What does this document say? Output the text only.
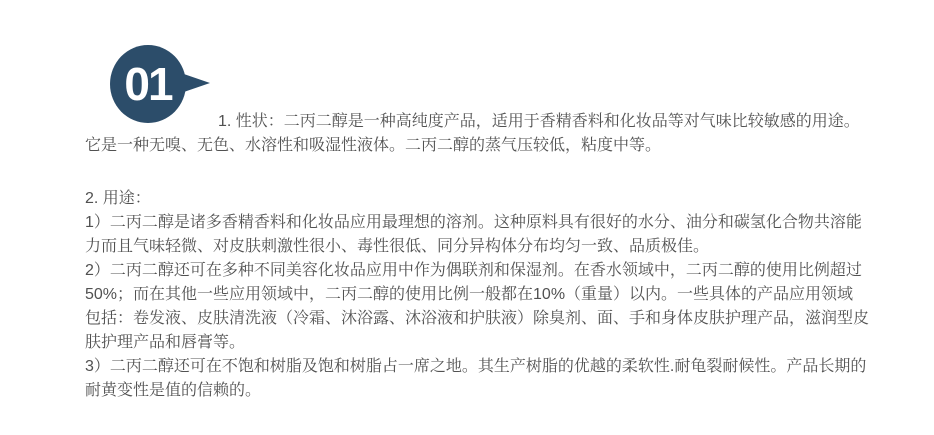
01
1. 性状：二丙二醇是一种高纯度产品，适用于香精香料和化妆品等对气味比较敏感的用途。
它是一种无嗅、无色、水溶性和吸湿性液体。二丙二醇的蒸气压较低，粘度中等。
2. 用途：
1）二丙二醇是诸多香精香料和化妆品应用最理想的溶剂。这种原料具有很好的水分、油分和碳氢化合物共溶能
力而且气味轻微、对皮肤刺激性很小、毒性很低、同分异构体分布均匀一致、品质极佳。
2）二丙二醇还可在多种不同美容化妆品应用中作为偶联剂和保湿剂。在香水领域中，二丙二醇的使用比例超过
50%；而在其他一些应用领域中，二丙二醇的使用比例一般都在10%（重量）以内。一些具体的产品应用领域
包括：卷发液、皮肤清洗液（冷霜、沐浴露、沐浴液和护肤液）除臭剂、面、手和身体皮肤护理产品，滋润型皮
肤护理产品和唇膏等。
3）二丙二醇还可在不饱和树脂及饱和树脂占一席之地。其生产树脂的优越的柔软性.耐龟裂耐候性。产品长期的
耐黄变性是值的信赖的。
